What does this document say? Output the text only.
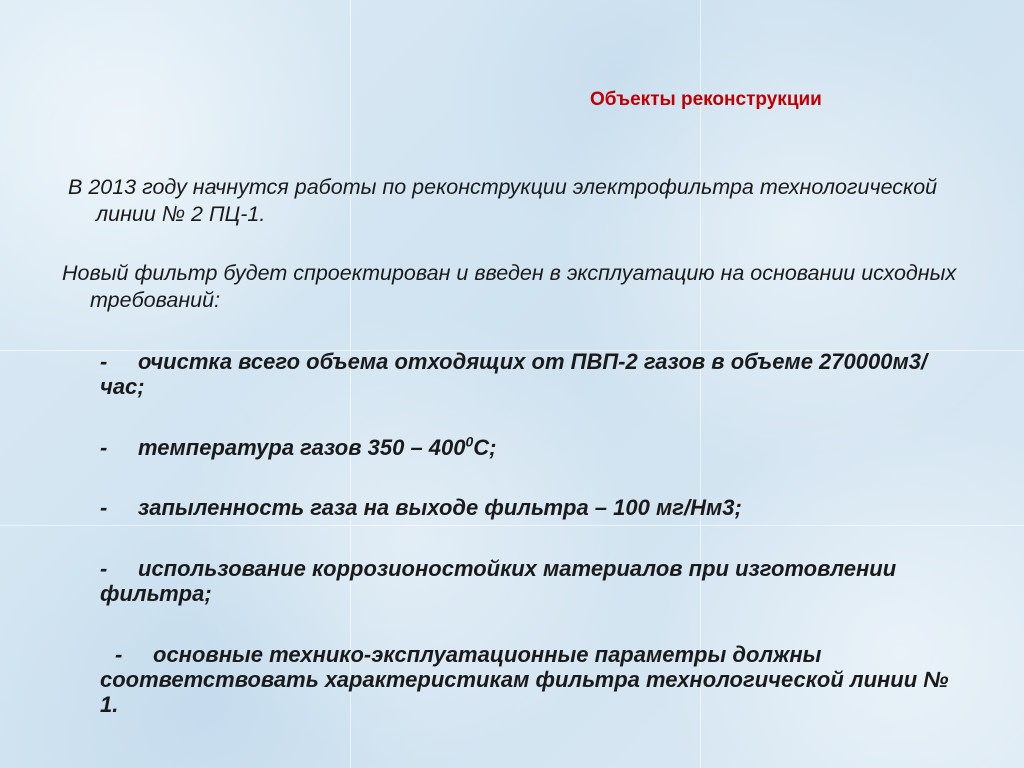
Объекты реконструкции
В 2013 году начнутся работы по реконструкции электрофильтра технологической линии № 2 ПЦ-1.
Новый фильтр будет спроектирован и введен в эксплуатацию на основании исходных требований:
- очистка всего объема отходящих от ПВП-2 газов в объеме 270000м3/час;
- температура газов $350 - 400^0С$;
- запыленность газа на выходе фильтра – 100 мг/Нм3;
- использование коррозионостойких материалов при изготовлении фильтра;
- основные технико-эксплуатационные параметры должны соответствовать характеристикам фильтра технологической линии № 1.
